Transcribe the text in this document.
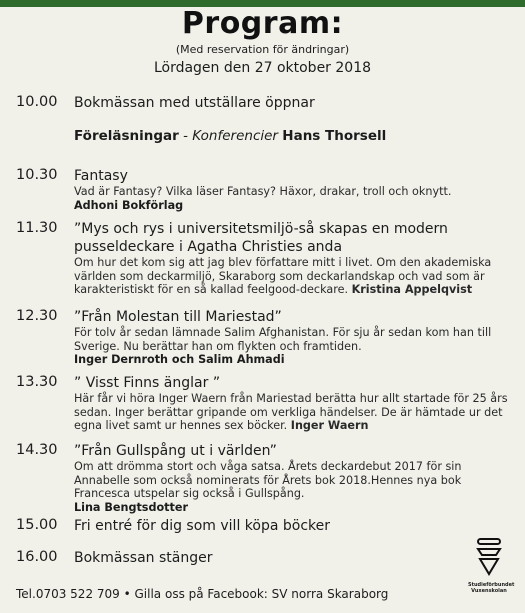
Program:
(Med reservation för ändringar)
Lördagen den 27 oktober 2018
10.00 Bokmässan med utställare öppnar
Föreläsningar - Konferencier Hans Thorsell
10.30 Fantasy
Vad är Fantasy? Vilka läser Fantasy? Häxor, drakar, troll och oknytt.
Adhoni Bokförlag
11.30 ”Mys och rys i universitetsmiljö-så skapas en modern pusseldeckare i Agatha Christies anda
Om hur det kom sig att jag blev författare mitt i livet. Om den akademiska världen som deckarmiljö, Skaraborg som deckarlandskap och vad som är karakteristiskt för en så kallad feelgood-deckare. Kristina Appelqvist
12.30 ”Från Molestan till Mariestad”
För tolv år sedan lämnade Salim Afghanistan. För sju år sedan kom han till Sverige. Nu berättar han om flykten och framtiden.
Inger Dernroth och Salim Ahmadi
13.30 ” Visst Finns änglar ”
Här får vi höra Inger Waern från Mariestad berätta hur allt startade för 25 års sedan. Inger berättar gripande om verkliga händelser. De är hämtade ur det egna livet samt ur hennes sex böcker. Inger Waern
14.30 ”Från Gullspång ut i världen”
Om att drömma stort och våga satsa. Årets deckardebut 2017 för sin Annabelle som också nominerats för Årets bok 2018.Hennes nya bok Francesca utspelar sig också i Gullspång.
Lina Bengtsdotter
15.00 Fri entré för dig som vill köpa böcker
16.00 Bokmässan stänger
Studieförbundet
Vuxenskolan
Tel.0703 522 709 • Gilla oss på Facebook: SV norra Skaraborg
